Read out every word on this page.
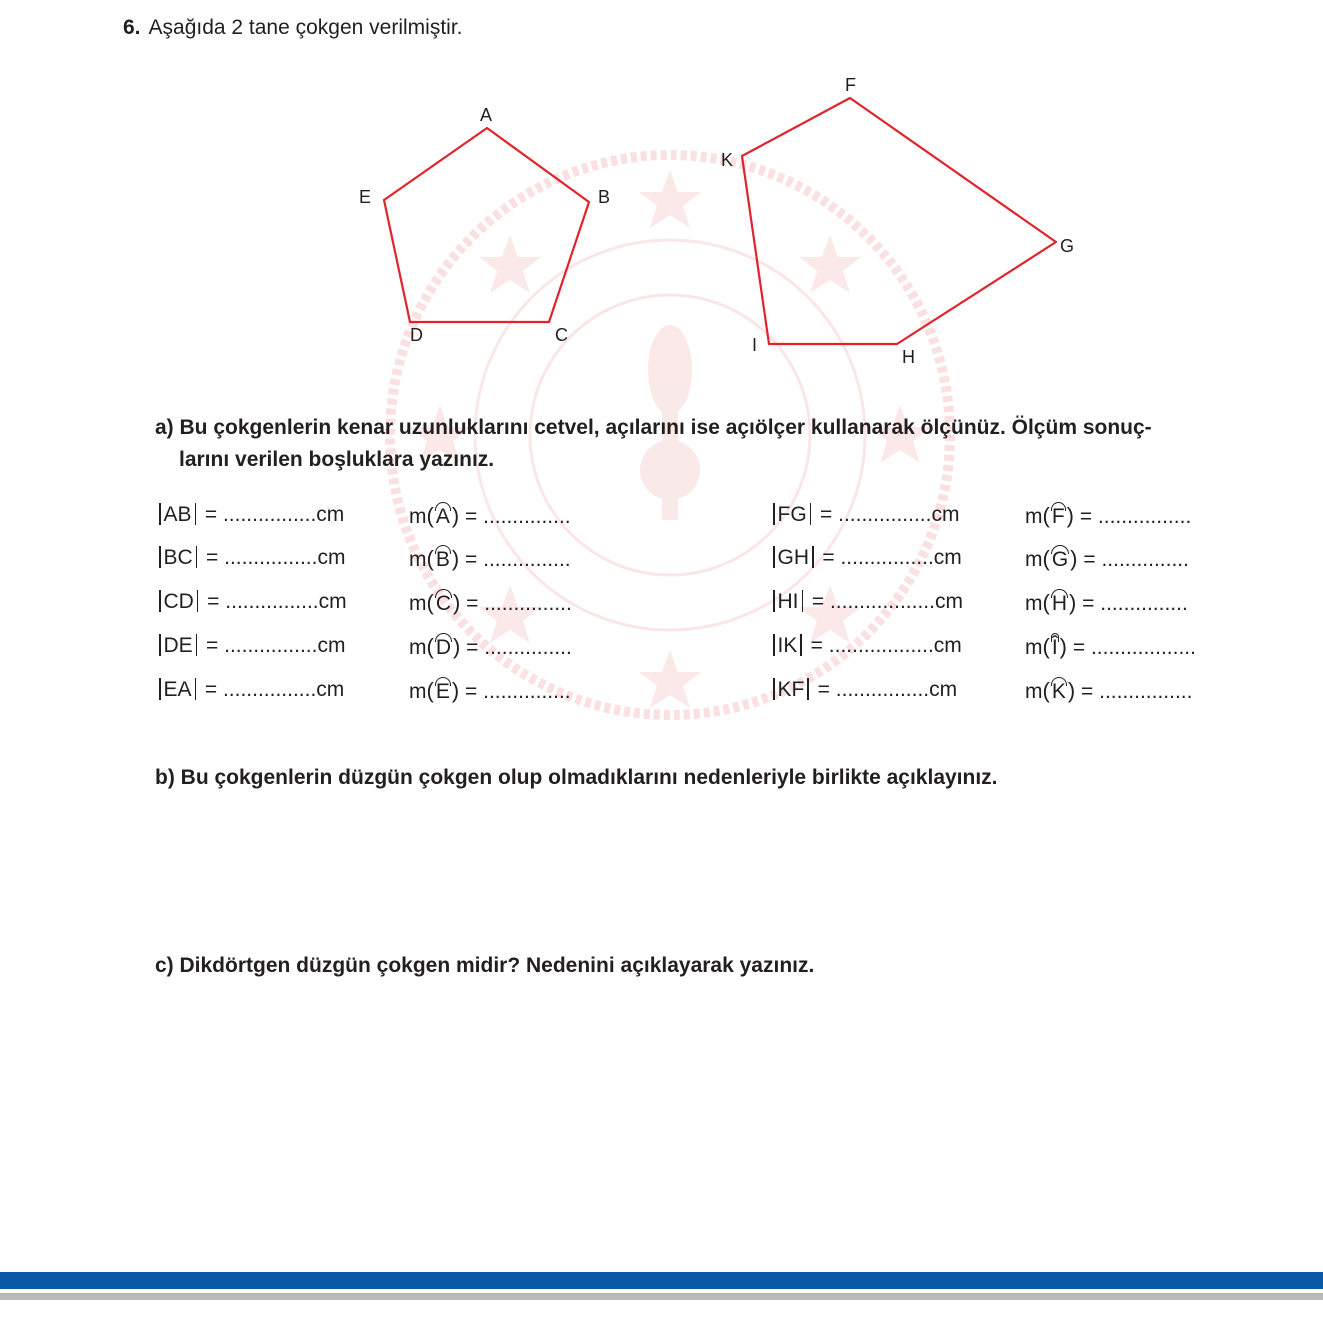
6. Aşağıda 2 tane çokgen verilmiştir.
A
B
C
D
E
F
G
H
I
K
a) Bu çokgenlerin kenar uzunluklarını cetvel, açılarını ise açıölçer kullanarak ölçünüz. Ölçüm sonuç-
larını verilen boşluklara yazınız.
AB = ................cm	m(A) = ...............
BC = ................cm	m(B) = ...............
CD = ................cm	m(C) = ...............
DE = ................cm	m(D) = ...............
EA = ................cm	m(E) = ...............
FG = ................cm	m(F) = ................
GH = ................cm	m(G) = ...............
HI = ..................cm	m(H) = ...............
IK = ..................cm	m(Î) = ..................
KF = ................cm	m(K) = ................
b) Bu çokgenlerin düzgün çokgen olup olmadıklarını nedenleriyle birlikte açıklayınız.
c) Dikdörtgen düzgün çokgen midir? Nedenini açıklayarak yazınız.
